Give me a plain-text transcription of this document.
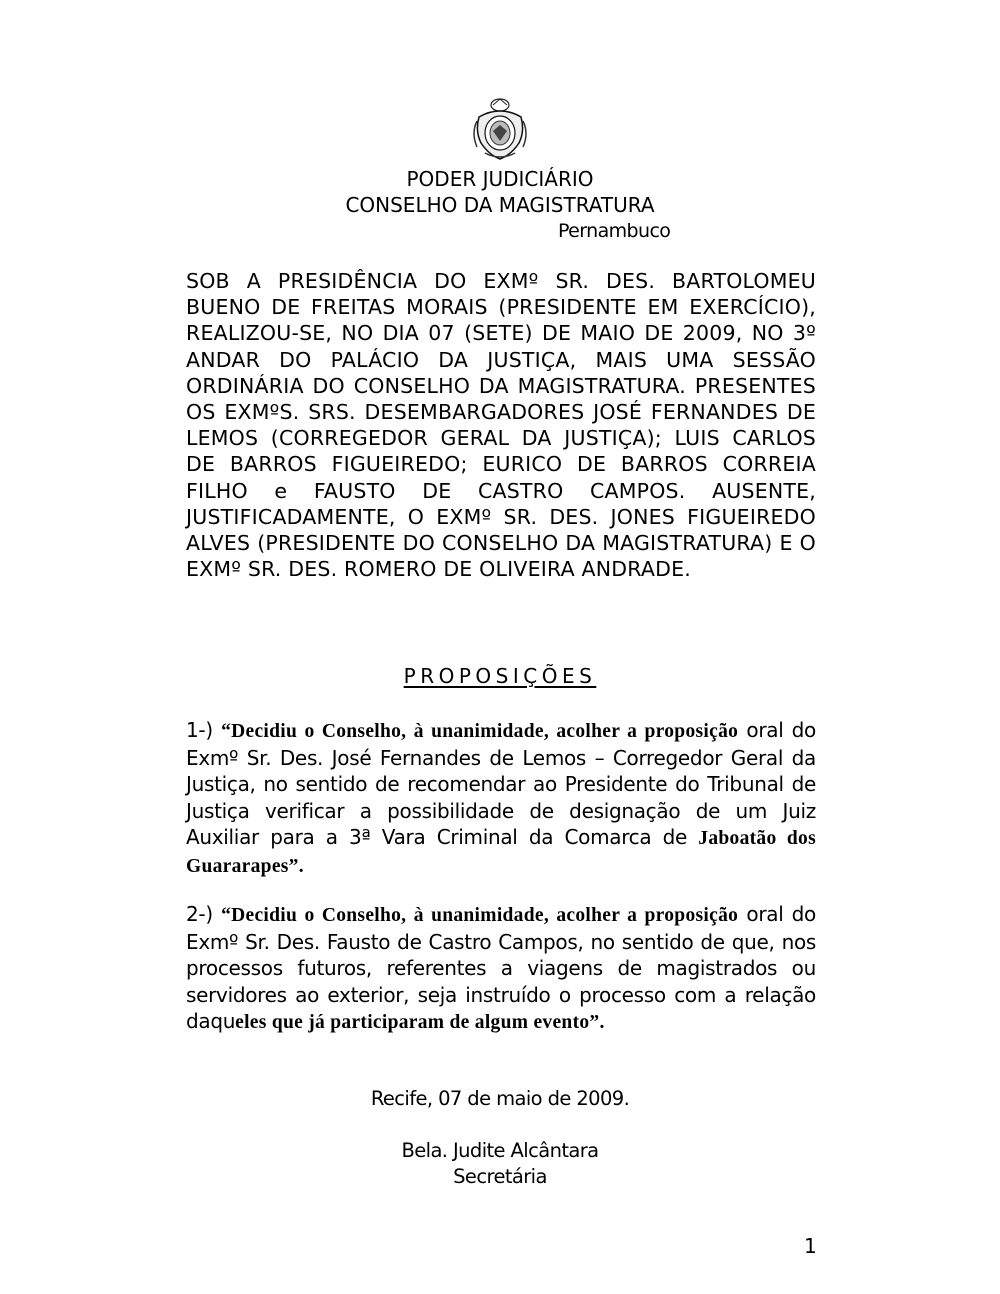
PODER JUDICIÁRIO
CONSELHO DA MAGISTRATURA
Pernambuco
SOB A PRESIDÊNCIA DO EXMº SR. DES. BARTOLOMEU BUENO DE FREITAS MORAIS (PRESIDENTE EM EXERCÍCIO), REALIZOU-SE, NO DIA 07 (SETE) DE MAIO DE 2009, NO 3º ANDAR DO PALÁCIO DA JUSTIÇA, MAIS UMA SESSÃO ORDINÁRIA DO CONSELHO DA MAGISTRATURA. PRESENTES OS EXMºS. SRS. DESEMBARGADORES JOSÉ FERNANDES DE LEMOS (CORREGEDOR GERAL DA JUSTIÇA); LUIS CARLOS DE BARROS FIGUEIREDO; EURICO DE BARROS CORREIA FILHO e FAUSTO DE CASTRO CAMPOS. AUSENTE, JUSTIFICADAMENTE, O EXMº SR. DES. JONES FIGUEIREDO ALVES (PRESIDENTE DO CONSELHO DA MAGISTRATURA) E O EXMº SR. DES. ROMERO DE OLIVEIRA ANDRADE.
PROPOSIÇÕES
1-) “Decidiu o Conselho, à unanimidade, acolher a proposição oral do Exmº Sr. Des. José Fernandes de Lemos – Corregedor Geral da Justiça, no sentido de recomendar ao Presidente do Tribunal de Justiça verificar a possibilidade de designação de um Juiz Auxiliar para a 3ª Vara Criminal da Comarca de Jaboatão dos Guararapes”.
2-) “Decidiu o Conselho, à unanimidade, acolher a proposição oral do Exmº Sr. Des. Fausto de Castro Campos, no sentido de que, nos processos futuros, referentes a viagens de magistrados ou servidores ao exterior, seja instruído o processo com a relação daqueles que já participaram de algum evento”.
Recife, 07 de maio de 2009.
Bela. Judite Alcântara
Secretária
1
